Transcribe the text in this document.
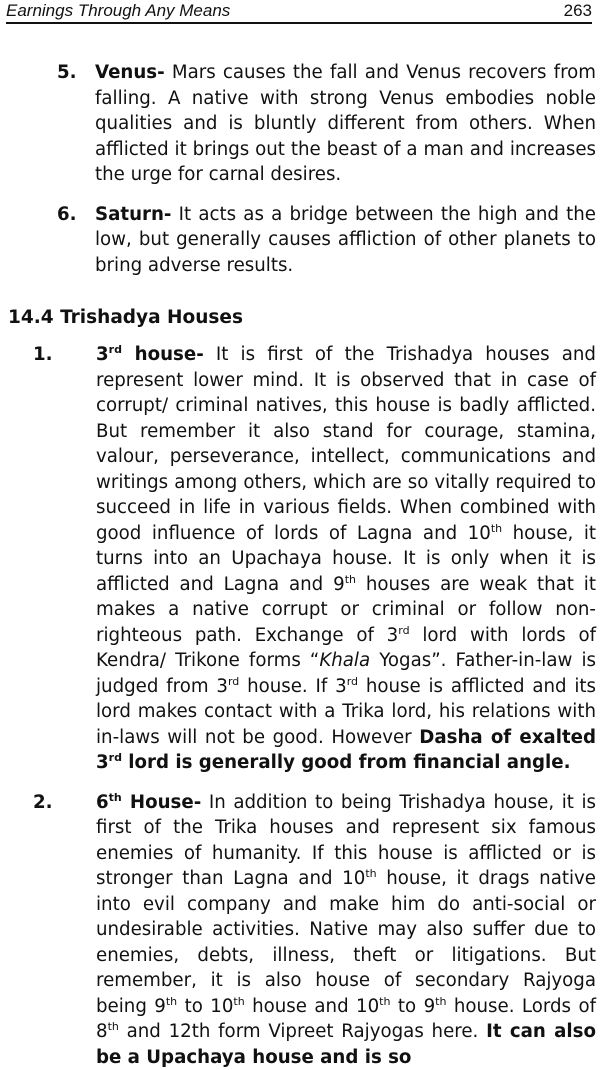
Earnings Through Any Means	263
5. Venus- Mars causes the fall and Venus recovers from falling. A native with strong Venus embodies noble qualities and is bluntly different from others. When afflicted it brings out the beast of a man and increases the urge for carnal desires.
6. Saturn- It acts as a bridge between the high and the low, but generally causes affliction of other planets to bring adverse results.
14.4 Trishadya Houses
1. 3rd house- It is first of the Trishadya houses and represent lower mind. It is observed that in case of corrupt/ criminal natives, this house is badly afflicted. But remember it also stand for courage, stamina, valour, perseverance, intellect, communications and writings among others, which are so vitally required to succeed in life in various fields. When combined with good influence of lords of Lagna and 10th house, it turns into an Upachaya house. It is only when it is afflicted and Lagna and 9th houses are weak that it makes a native corrupt or criminal or follow non-righteous path. Exchange of 3rd lord with lords of Kendra/ Trikone forms “Khala Yogas”. Father-in-law is judged from 3rd house. If 3rd house is afflicted and its lord makes contact with a Trika lord, his relations with in-laws will not be good. However Dasha of exalted 3rd lord is generally good from financial angle.
2. 6th House- In addition to being Trishadya house, it is first of the Trika houses and represent six famous enemies of humanity. If this house is afflicted or is stronger than Lagna and 10th house, it drags native into evil company and make him do anti-social or undesirable activities. Native may also suffer due to enemies, debts, illness, theft or litigations. But remember, it is also house of secondary Rajyoga being 9th to 10th house and 10th to 9th house. Lords of 8th and 12th form Vipreet Rajyogas here. It can also be a Upachaya house and is so
